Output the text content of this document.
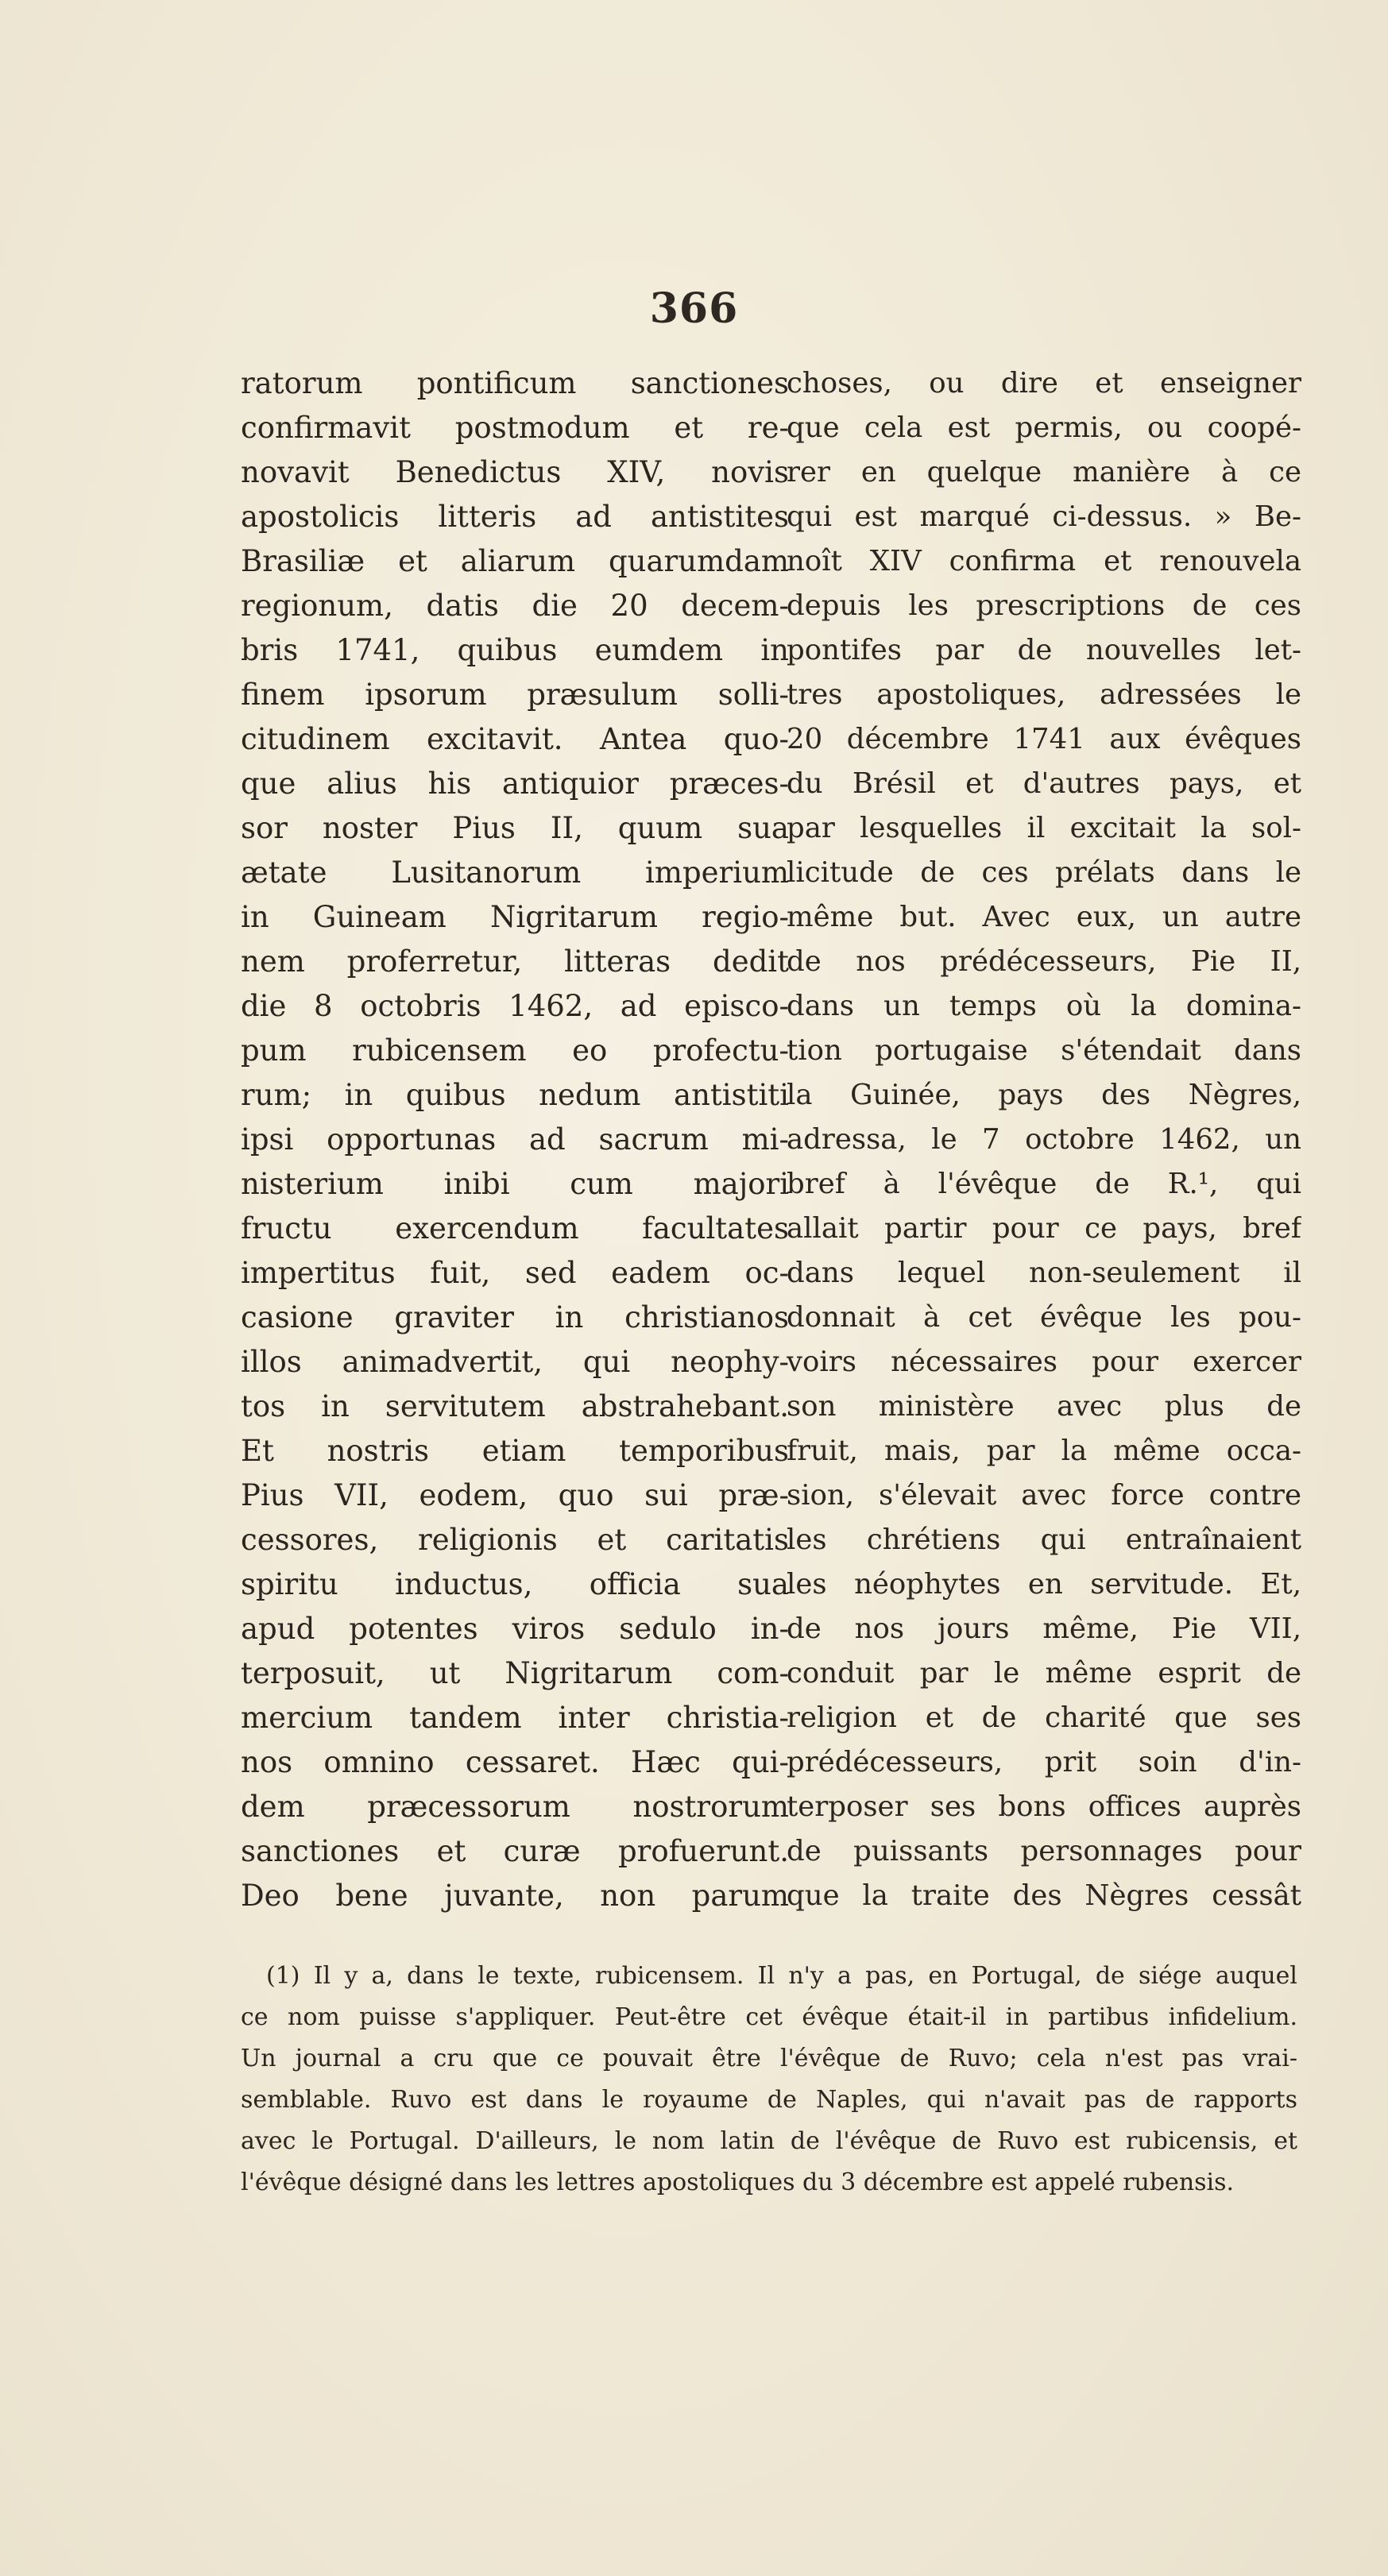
366
ratorum pontificum sanctiones
confirmavit postmodum et re-
novavit Benedictus XIV, novis
apostolicis litteris ad antistites
Brasiliæ et aliarum quarumdam
regionum, datis die 20 decem-
bris 1741, quibus eumdem in
finem ipsorum præsulum solli-
citudinem excitavit. Antea quo-
que alius his antiquior præces-
sor noster Pius II, quum sua
ætate Lusitanorum imperium
in Guineam Nigritarum regio-
nem proferretur, litteras dedit
die 8 octobris 1462, ad episco-
pum rubicensem eo profectu-
rum; in quibus nedum antistiti
ipsi opportunas ad sacrum mi-
nisterium inibi cum majori
fructu exercendum facultates
impertitus fuit, sed eadem oc-
casione graviter in christianos
illos animadvertit, qui neophy-
tos in servitutem abstrahebant.
Et nostris etiam temporibus
Pius VII, eodem, quo sui præ-
cessores, religionis et caritatis
spiritu inductus, officia sua
apud potentes viros sedulo in-
terposuit, ut Nigritarum com-
mercium tandem inter christia-
nos omnino cessaret. Hæc qui-
dem præcessorum nostrorum
sanctiones et curæ profuerunt.
Deo bene juvante, non parum
choses, ou dire et enseigner
que cela est permis, ou coopé-
rer en quelque manière à ce
qui est marqué ci-dessus. » Be-
noît XIV confirma et renouvela
depuis les prescriptions de ces
pontifes par de nouvelles let-
tres apostoliques, adressées le
20 décembre 1741 aux évêques
du Brésil et d'autres pays, et
par lesquelles il excitait la sol-
licitude de ces prélats dans le
même but. Avec eux, un autre
de nos prédécesseurs, Pie II,
dans un temps où la domina-
tion portugaise s'étendait dans
la Guinée, pays des Nègres,
adressa, le 7 octobre 1462, un
bref à l'évêque de R.¹, qui
allait partir pour ce pays, bref
dans lequel non-seulement il
donnait à cet évêque les pou-
voirs nécessaires pour exercer
son ministère avec plus de
fruit, mais, par la même occa-
sion, s'élevait avec force contre
les chrétiens qui entraînaient
les néophytes en servitude. Et,
de nos jours même, Pie VII,
conduit par le même esprit de
religion et de charité que ses
prédécesseurs, prit soin d'in-
terposer ses bons offices auprès
de puissants personnages pour
que la traite des Nègres cessât
(1) Il y a, dans le texte, rubicensem. Il n'y a pas, en Portugal, de siége auquel
ce nom puisse s'appliquer. Peut-être cet évêque était-il in partibus infidelium.
Un journal a cru que ce pouvait être l'évêque de Ruvo; cela n'est pas vrai-
semblable. Ruvo est dans le royaume de Naples, qui n'avait pas de rapports
avec le Portugal. D'ailleurs, le nom latin de l'évêque de Ruvo est rubicensis, et
l'évêque désigné dans les lettres apostoliques du 3 décembre est appelé rubensis.
